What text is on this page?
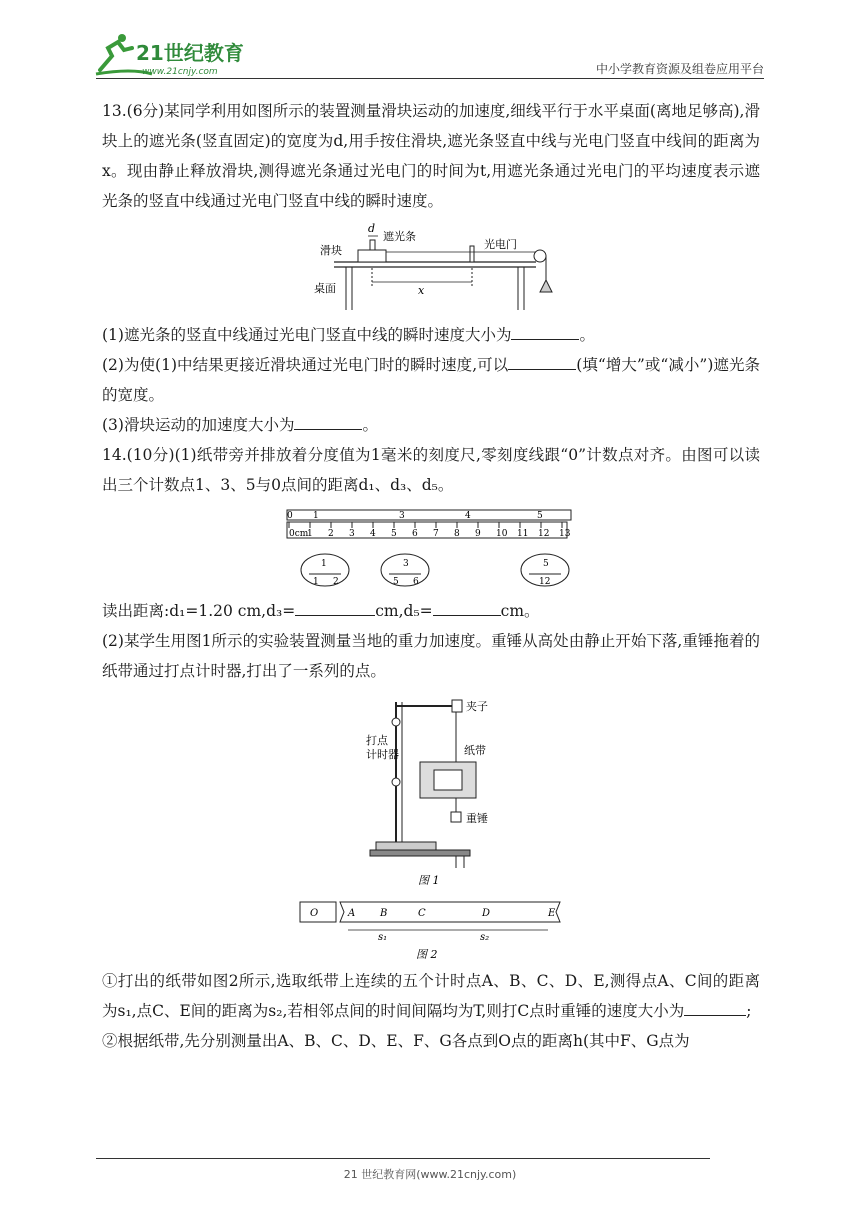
21世纪教育
www.21cnjy.com	中小学教育资源及组卷应用平台

13.(6分)某同学利用如图所示的装置测量滑块运动的加速度,细线平行于水平桌面(离地足够高),滑块上的遮光条(竖直固定)的宽度为d,用手按住滑块,遮光条竖直中线与光电门竖直中线间的距离为x。现由静止释放滑块,测得遮光条通过光电门的时间为t,用遮光条通过光电门的平均速度表示遮光条的竖直中线通过光电门竖直中线的瞬时速度。

d
遮光条
滑块	光电门
桌面	x

(1)遮光条的竖直中线通过光电门竖直中线的瞬时速度大小为	。

(2)为使(1)中结果更接近滑块通过光电门时的瞬时速度,可以	(填“增大”或“减小”)遮光条的宽度。

(3)滑块运动的加速度大小为	。

14.(10分)(1)纸带旁并排放着分度值为1毫米的刻度尺,零刻度线跟“0”计数点对齐。由图可以读出三个计数点1、3、5与0点间的距离d₁、d₃、d₅。

0cm
1 2 3 4 5 6 7 8 9 10 11 12 13
0 1	3	4	5
1
1 2
3
5 6
5
12

读出距离:d₁=1.20 cm,d₃=	cm,d₅=	cm。

(2)某学生用图1所示的实验装置测量当地的重力加速度。重锤从高处由静止开始下落,重锤拖着的纸带通过打点计时器,打出了一系列的点。

夹子
打点
计时器	纸带
重锤
图 1
O	A B	C	D	E
s₁	s₂
图 2

①打出的纸带如图2所示,选取纸带上连续的五个计时点A、B、C、D、E,测得点A、C间的距离为s₁,点C、E间的距离为s₂,若相邻点间的时间间隔均为T,则打C点时重锤的速度大小为	;

②根据纸带,先分别测量出A、B、C、D、E、F、G各点到O点的距离h(其中F、G点为

21 世纪教育网(www.21cnjy.com)
